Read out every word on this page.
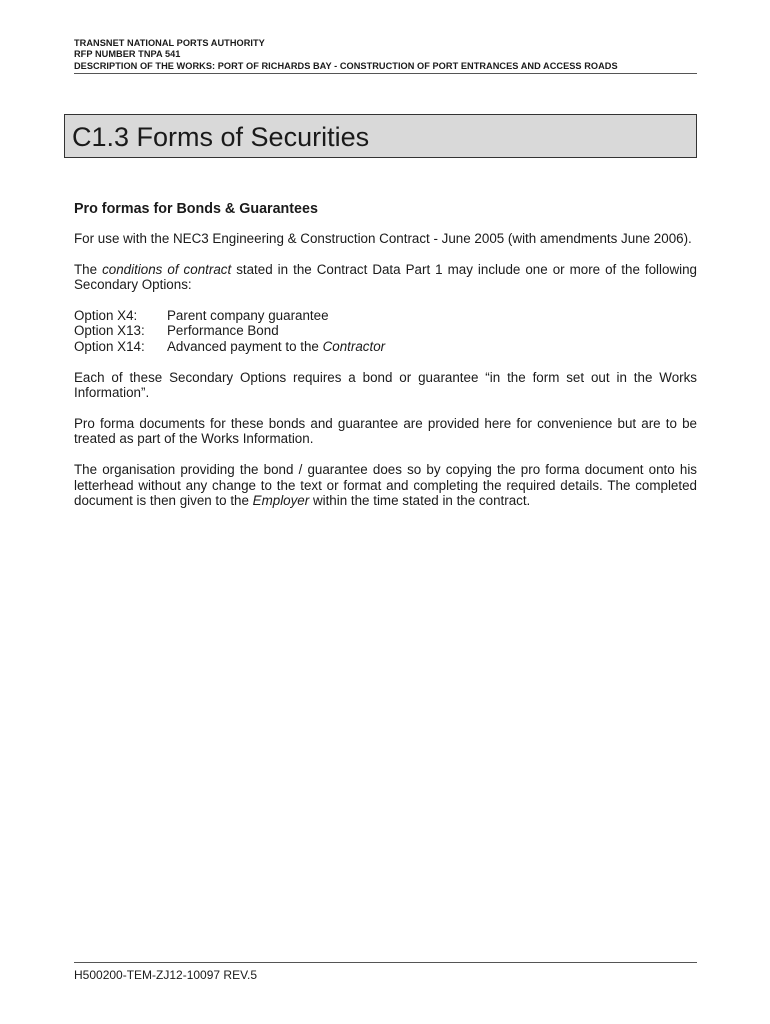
TRANSNET NATIONAL PORTS AUTHORITY
RFP NUMBER TNPA 541
DESCRIPTION OF THE WORKS: PORT OF RICHARDS BAY - CONSTRUCTION OF PORT ENTRANCES AND ACCESS ROADS
C1.3 Forms of Securities
Pro formas for Bonds & Guarantees

For use with the NEC3 Engineering & Construction Contract - June 2005 (with amendments June 2006).

The conditions of contract stated in the Contract Data Part 1 may include one or more of the following Secondary Options:

Option X4:	Parent company guarantee
Option X13:	Performance Bond
Option X14:	Advanced payment to the Contractor

Each of these Secondary Options requires a bond or guarantee “in the form set out in the Works Information”.

Pro forma documents for these bonds and guarantee are provided here for convenience but are to be treated as part of the Works Information.

The organisation providing the bond / guarantee does so by copying the pro forma document onto his letterhead without any change to the text or format and completing the required details. The completed document is then given to the Employer within the time stated in the contract.

H500200-TEM-ZJ12-10097 REV.5
